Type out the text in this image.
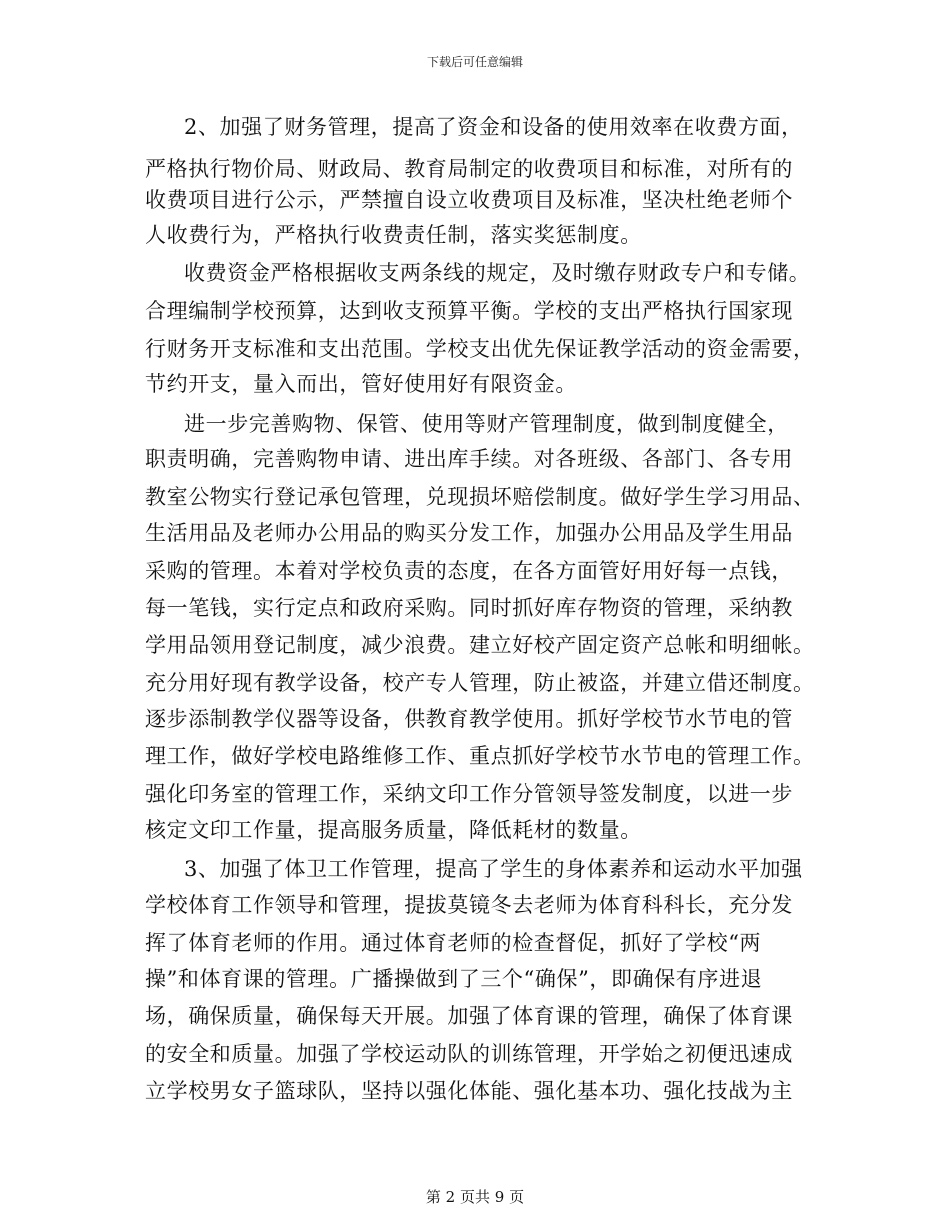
下载后可任意编辑
2、加强了财务管理，提高了资金和设备的使用效率在收费方面，
严格执行物价局、财政局、教育局制定的收费项目和标准，对所有的
收费项目进行公示，严禁擅自设立收费项目及标准，坚决杜绝老师个
人收费行为，严格执行收费责任制，落实奖惩制度。
收费资金严格根据收支两条线的规定，及时缴存财政专户和专储。
合理编制学校预算，达到收支预算平衡。学校的支出严格执行国家现
行财务开支标准和支出范围。学校支出优先保证教学活动的资金需要，
节约开支，量入而出，管好使用好有限资金。
进一步完善购物、保管、使用等财产管理制度，做到制度健全，
职责明确，完善购物申请、进出库手续。对各班级、各部门、各专用
教室公物实行登记承包管理，兑现损坏赔偿制度。做好学生学习用品、
生活用品及老师办公用品的购买分发工作，加强办公用品及学生用品
采购的管理。本着对学校负责的态度，在各方面管好用好每一点钱，
每一笔钱，实行定点和政府采购。同时抓好库存物资的管理，采纳教
学用品领用登记制度，减少浪费。建立好校产固定资产总帐和明细帐。
充分用好现有教学设备，校产专人管理，防止被盗，并建立借还制度。
逐步添制教学仪器等设备，供教育教学使用。抓好学校节水节电的管
理工作，做好学校电路维修工作、重点抓好学校节水节电的管理工作。
强化印务室的管理工作，采纳文印工作分管领导签发制度，以进一步
核定文印工作量，提高服务质量，降低耗材的数量。
3、加强了体卫工作管理，提高了学生的身体素养和运动水平加强
学校体育工作领导和管理，提拔莫镜冬去老师为体育科科长，充分发
挥了体育老师的作用。通过体育老师的检查督促，抓好了学校“两
操”和体育课的管理。广播操做到了三个“确保”，即确保有序进退
场，确保质量，确保每天开展。加强了体育课的管理，确保了体育课
的安全和质量。加强了学校运动队的训练管理，开学始之初便迅速成
立学校男女子篮球队，坚持以强化体能、强化基本功、强化技战为主
第 2 页共 9 页
